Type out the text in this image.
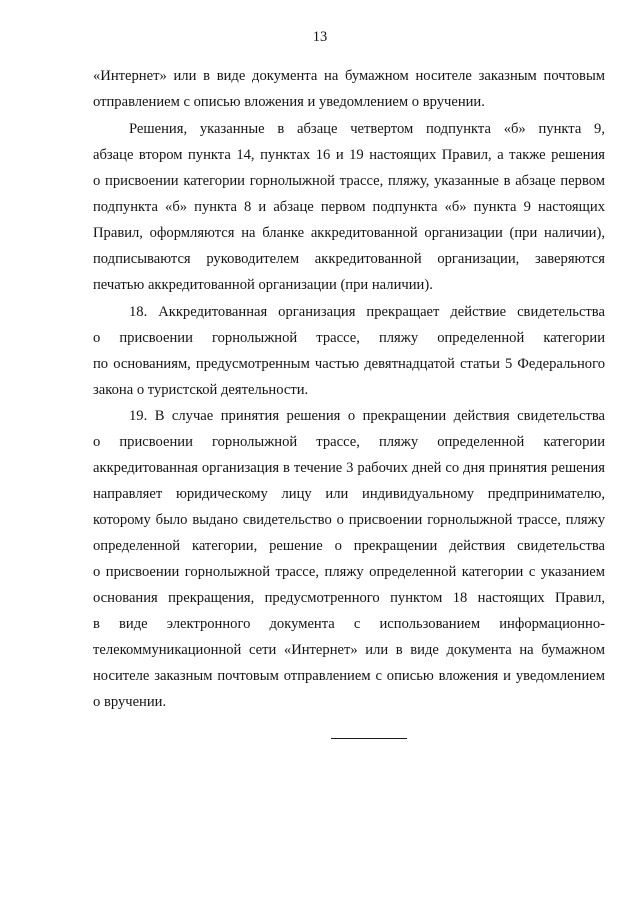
13
«Интернет» или в виде документа на бумажном носителе заказным почтовым
отправлением с описью вложения и уведомлением о вручении.
Решения, указанные в абзаце четвертом подпункта «б» пункта 9,
абзаце втором пункта 14, пунктах 16 и 19 настоящих Правил, а также решения
о присвоении категории горнолыжной трассе, пляжу, указанные в абзаце первом
подпункта «б» пункта 8 и абзаце первом подпункта «б» пункта 9 настоящих
Правил, оформляются на бланке аккредитованной организации (при наличии),
подписываются руководителем аккредитованной организации, заверяются
печатью аккредитованной организации (при наличии).
18. Аккредитованная организация прекращает действие свидетельства
о присвоении горнолыжной трассе, пляжу определенной категории
по основаниям, предусмотренным частью девятнадцатой статьи 5 Федерального
закона о туристской деятельности.
19. В случае принятия решения о прекращении действия свидетельства
о присвоении горнолыжной трассе, пляжу определенной категории
аккредитованная организация в течение 3 рабочих дней со дня принятия решения
направляет юридическому лицу или индивидуальному предпринимателю,
которому было выдано свидетельство о присвоении горнолыжной трассе, пляжу
определенной категории, решение о прекращении действия свидетельства
о присвоении горнолыжной трассе, пляжу определенной категории с указанием
основания прекращения, предусмотренного пунктом 18 настоящих Правил,
в виде электронного документа с использованием информационно-
телекоммуникационной сети «Интернет» или в виде документа на бумажном
носителе заказным почтовым отправлением с описью вложения и уведомлением
о вручении.
